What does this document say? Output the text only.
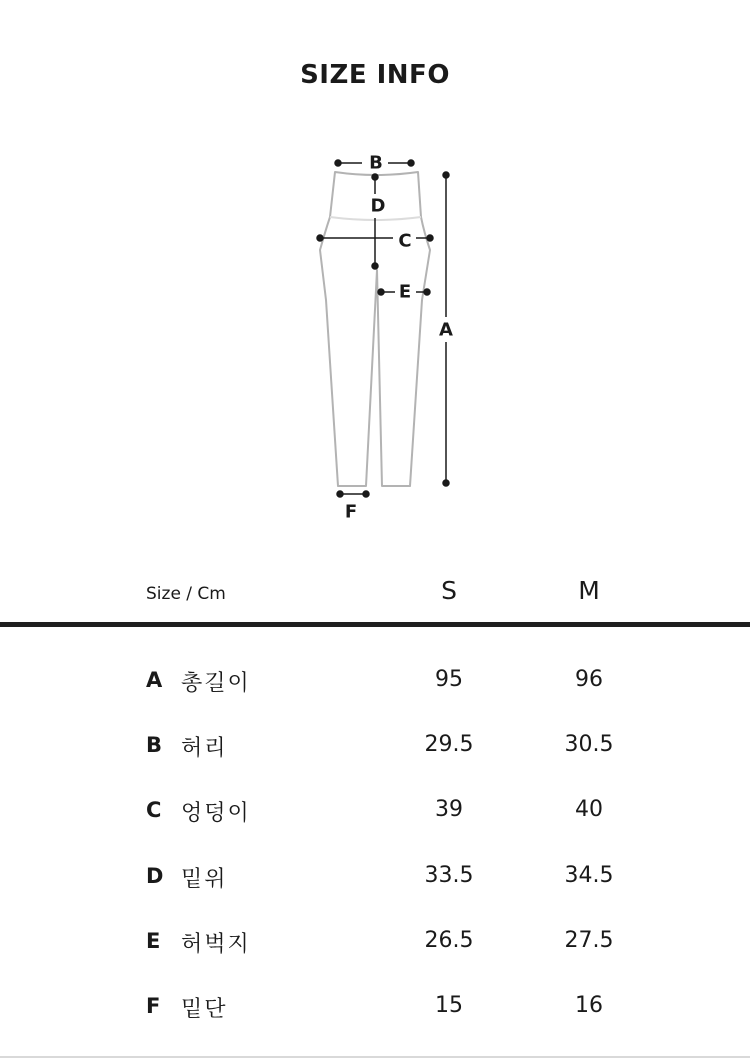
SIZE INFO
B
D
C
E
A
F
Size / Cm	S	M
A 총길이	95	96
B 허리	29.5	30.5
C 엉덩이	39	40
D 밑위	33.5	34.5
E 허벅지	26.5	27.5
F 밑단	15	16
